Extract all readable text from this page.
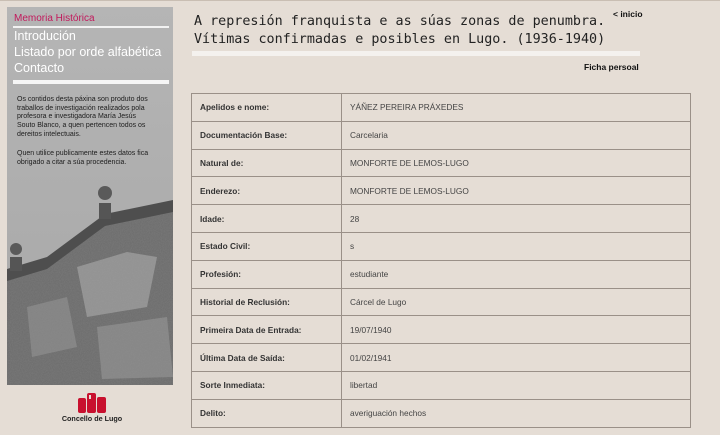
Memoria Histórica
Introdución
Listado por orde alfabética
Contacto
Os contidos desta páxina son produto dos
traballos de investigación realizados pola
profesora e investigadora María Jesús
Souto Blanco, a quen pertencen todos os
dereitos intelectuais.
Quen utilice publicamente estes datos fica
obrigado a citar a súa procedencia.
Concello de Lugo
A represión franquista e as súas zonas de penumbra.
Vítimas confirmadas e posibles en Lugo. (1936-1940)
< inicio
Ficha persoal
Apelidos e nome:	YÁÑEZ PEREIRA PRÁXEDES
Documentación Base:	Carcelaria
Natural de:	MONFORTE DE LEMOS-LUGO
Enderezo:	MONFORTE DE LEMOS-LUGO
Idade:	28
Estado Civil:	s
Profesión:	estudiante
Historial de Reclusión:	Cárcel de Lugo
Primeira Data de Entrada:	19/07/1940
Última Data de Saída:	01/02/1941
Sorte Inmediata:	libertad
Delito:	averiguación hechos
